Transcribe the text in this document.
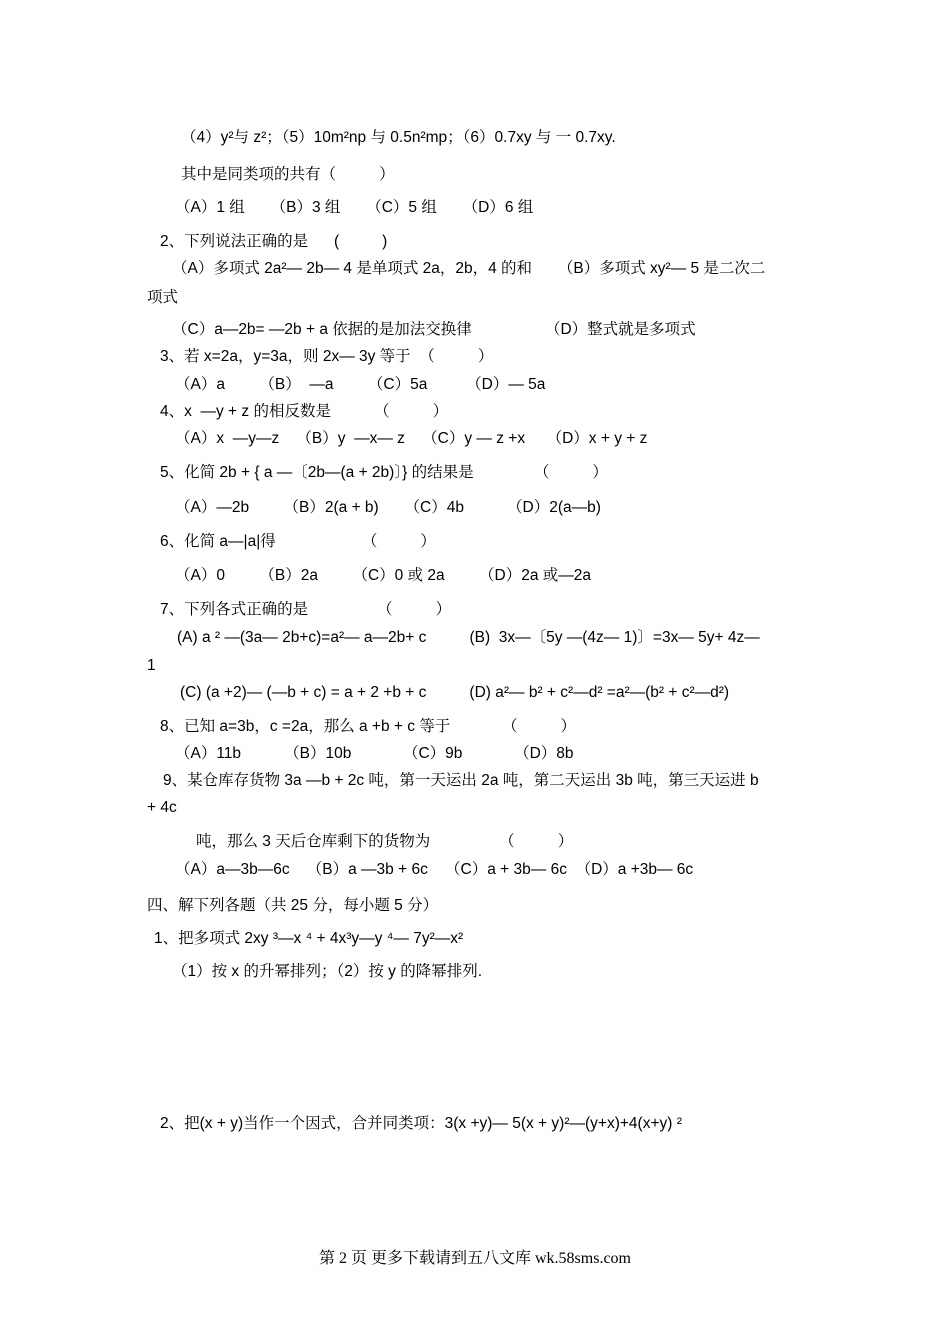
（4）y²与 z²；（5）10m²np 与 0.5n²mp；（6）0.7xy 与 一 0.7xy.
其中是同类项的共有（          ）
（A）1 组      （B）3 组      （C）5 组      （D）6 组
2、下列说法正确的是      (          )
（A）多项式 2a²— 2b— 4 是单项式 2a，2b，4 的和      （B）多项式 xy²— 5 是二次二
项式
（C）a—2b= —2b + a 依据的是加法交换律                 （D）整式就是多项式
3、若 x=2a，y=3a，则 2x— 3y 等于  （          ）
（A）a        （B）  —a        （C）5a         （D）— 5a
4、x  —y + z 的相反数是          （          ）
（A）x  —y—z    （B）y  —x— z    （C）y — z +x     （D）x + y + z
5、化简 2b + { a —〔2b—(a + 2b)〕} 的结果是              （          ）
（A）—2b        （B）2(a + b)      （C）4b          （D）2(a—b)
6、化简 a—|a|得                    （          ）
（A）0        （B）2a        （C）0 或 2a        （D）2a 或—2a
7、下列各式正确的是                （          ）
(A) a ² —(3a— 2b+c)=a²— a—2b+ c          (B)  3x—〔5y —(4z— 1)〕=3x— 5y+ 4z—
1
(C) (a +2)— (—b + c) = a + 2 +b + c          (D) a²— b² + c²—d² =a²—(b² + c²—d²)
8、已知 a=3b，c =2a，那么 a +b + c 等于            （          ）
（A）11b          （B）10b            （C）9b            （D）8b
9、某仓库存货物 3a —b + 2c 吨，第一天运出 2a 吨，第二天运出 3b 吨，第三天运进 b
+ 4c
吨，那么 3 天后仓库剩下的货物为                （          ）
（A）a—3b—6c    （B）a —3b + 6c    （C）a + 3b— 6c  （D）a +3b— 6c
四、解下列各题（共 25 分，每小题 5 分）
1、把多项式 2xy ³—x ⁴ + 4x³y—y ⁴— 7y²—x²
（1）按 x 的升幂排列；（2）按 y 的降幂排列.
2、把(x + y)当作一个因式，合并同类项：3(x +y)— 5(x + y)²—(y+x)+4(x+y) ²
第 2 页 更多下载请到五八文库 wk.58sms.com
